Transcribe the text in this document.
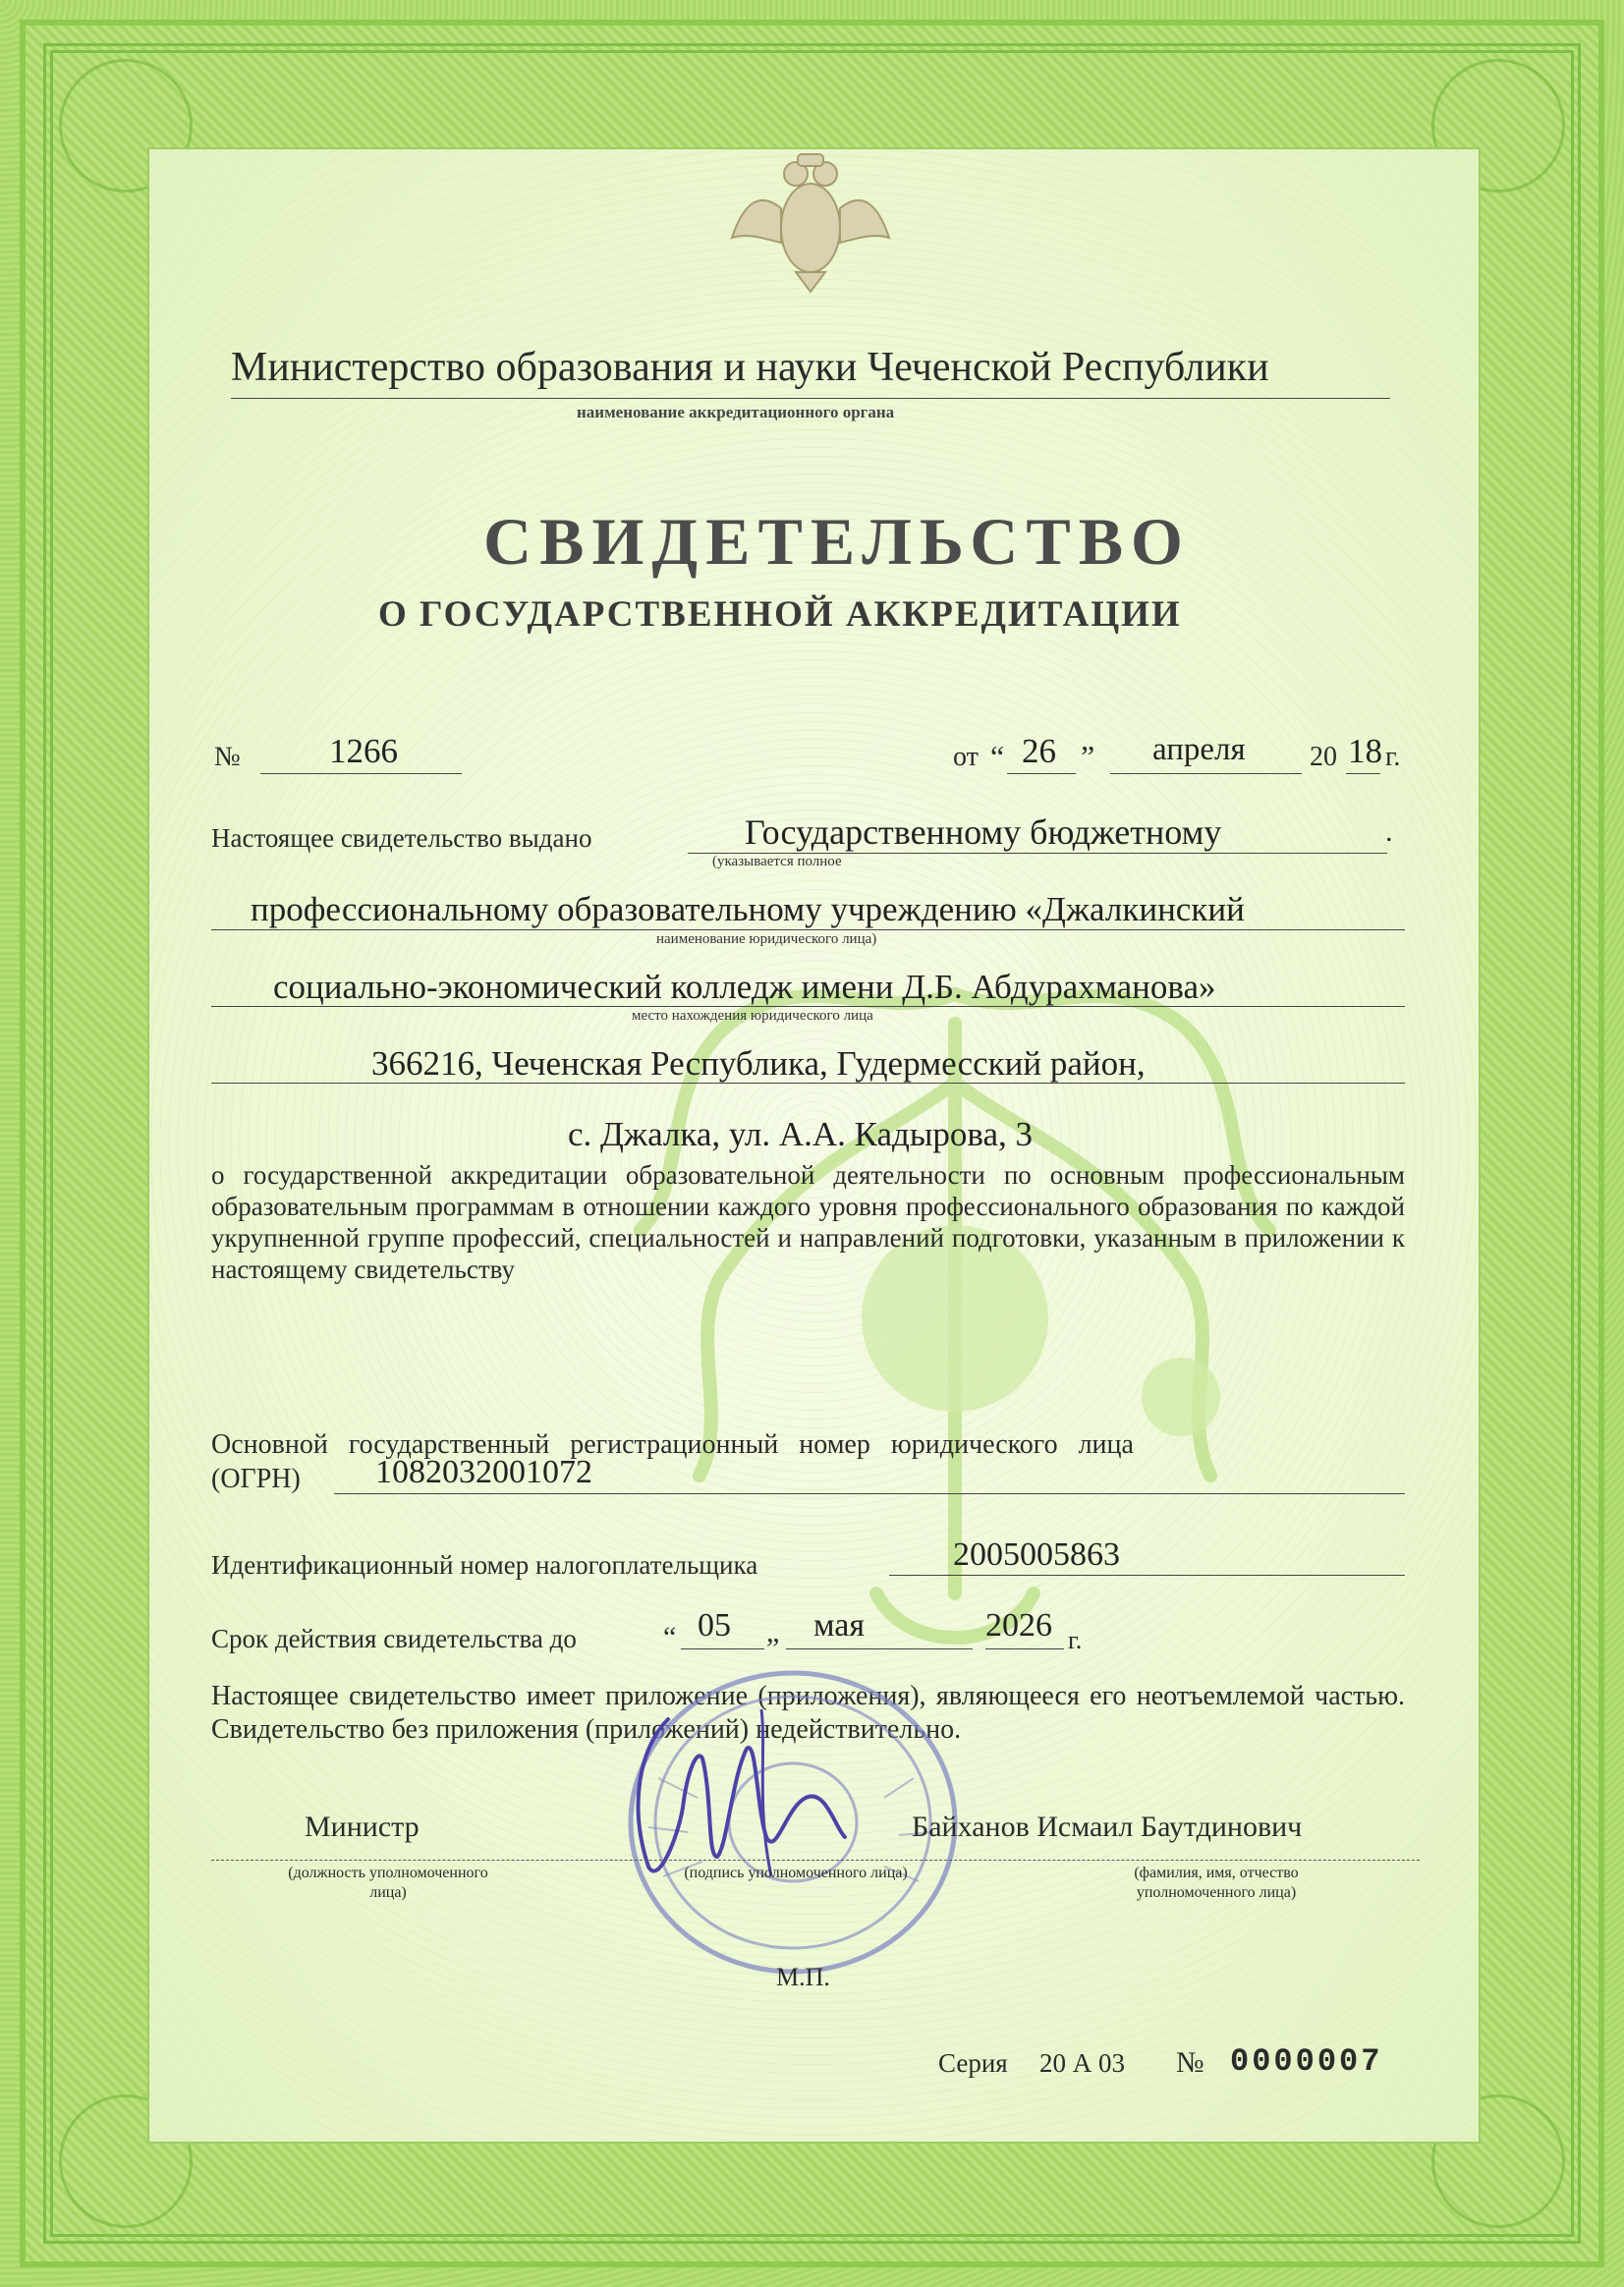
Министерство образования и науки Чеченской Республики
наименование аккредитационного органа
СВИДЕТЕЛЬСТВО
О ГОСУДАРСТВЕННОЙ АККРЕДИТАЦИИ
№	1266	от “ 26 ” апреля 20 18 г.
Настоящее свидетельство выдано	Государственному бюджетному	.
(указывается полное
профессиональному образовательному учреждению «Джалкинский
наименование юридического лица)
социально-экономический колледж имени Д.Б. Абдурахманова»
место нахождения юридического лица
366216, Чеченская Республика, Гудермесский район,
с. Джалка, ул. А.А. Кадырова, 3
о государственной аккредитации образовательной деятельности по основным профессиональным образовательным программам в отношении каждого уровня профессионального образования по каждой укрупненной группе профессий, специальностей и направлений подготовки, указанным в приложении к настоящему свидетельству
Основной государственный регистрационный номер юридического лица
(ОГРН) 1082032001072
Идентификационный номер налогоплательщика	2005005863
Срок действия свидетельства до	“ 05 „ мая	2026 г.
Настоящее свидетельство имеет приложение (приложения), являющееся его неотъемлемой частью. Свидетельство без приложения (приложений) недействительно.
Министр	Байханов Исмаил Баутдинович
(должность уполномоченного лица)
(подпись уполномоченного лица)	(фамилия, имя, отчество уполномоченного лица)
М.П.
Серия 20 А 03 № 0000007
